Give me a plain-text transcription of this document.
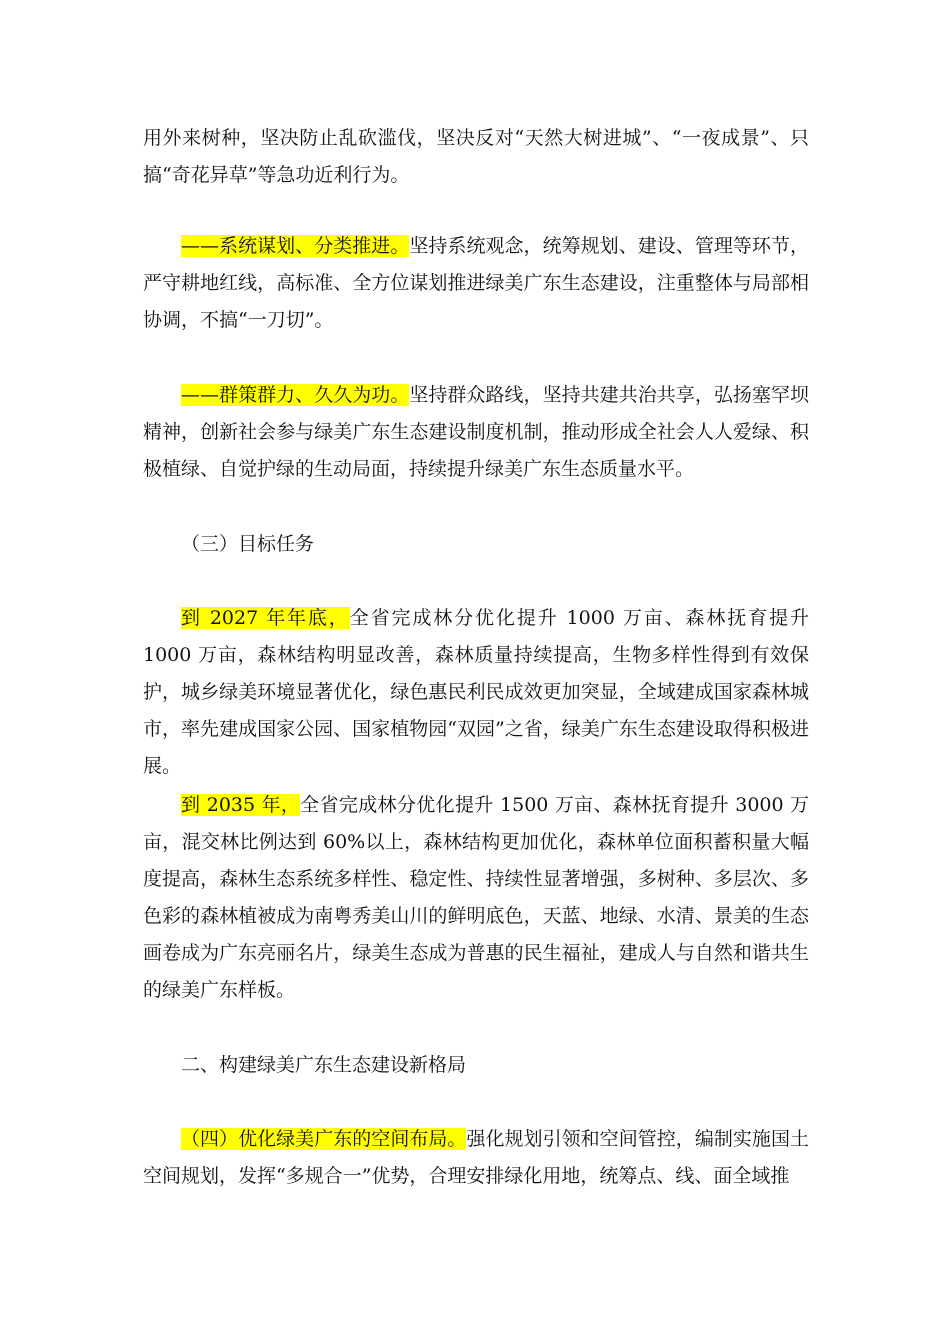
用外来树种，坚决防止乱砍滥伐，坚决反对“天然大树进城”、“一夜成景”、只搞“奇花异草”等急功近利行为。

——系统谋划、分类推进。坚持系统观念，统筹规划、建设、管理等环节，严守耕地红线，高标准、全方位谋划推进绿美广东生态建设，注重整体与局部相协调，不搞“一刀切”。

——群策群力、久久为功。坚持群众路线，坚持共建共治共享，弘扬塞罕坝精神，创新社会参与绿美广东生态建设制度机制，推动形成全社会人人爱绿、积极植绿、自觉护绿的生动局面，持续提升绿美广东生态质量水平。

（三）目标任务

到 2027 年年底，全省完成林分优化提升 1000 万亩、森林抚育提升 1000 万亩，森林结构明显改善，森林质量持续提高，生物多样性得到有效保护，城乡绿美环境显著优化，绿色惠民利民成效更加突显，全域建成国家森林城市，率先建成国家公园、国家植物园“双园”之省，绿美广东生态建设取得积极进展。

到 2035 年，全省完成林分优化提升 1500 万亩、森林抚育提升 3000 万亩，混交林比例达到 60%以上，森林结构更加优化，森林单位面积蓄积量大幅度提高，森林生态系统多样性、稳定性、持续性显著增强，多树种、多层次、多色彩的森林植被成为南粤秀美山川的鲜明底色，天蓝、地绿、水清、景美的生态画卷成为广东亮丽名片，绿美生态成为普惠的民生福祉，建成人与自然和谐共生的绿美广东样板。

二、构建绿美广东生态建设新格局

（四）优化绿美广东的空间布局。强化规划引领和空间管控，编制实施国土空间规划，发挥“多规合一”优势，合理安排绿化用地，统筹点、线、面全域推
